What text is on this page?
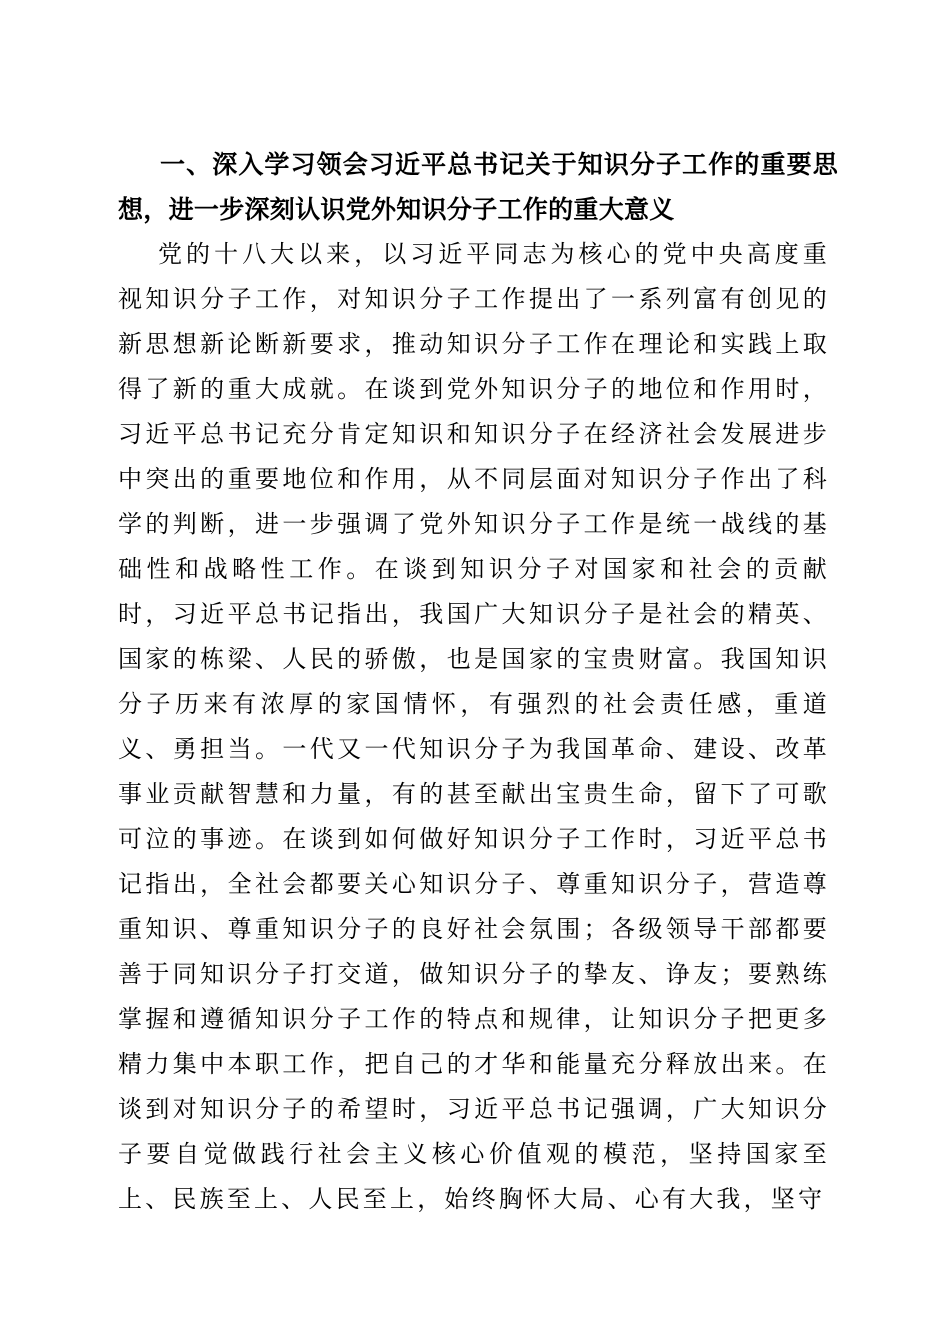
一、深入学习领会习近平总书记关于知识分子工作的重要思想，进一步深刻认识党外知识分子工作的重大意义

党的十八大以来，以习近平同志为核心的党中央高度重视知识分子工作，对知识分子工作提出了一系列富有创见的新思想新论断新要求，推动知识分子工作在理论和实践上取得了新的重大成就。在谈到党外知识分子的地位和作用时，习近平总书记充分肯定知识和知识分子在经济社会发展进步中突出的重要地位和作用，从不同层面对知识分子作出了科学的判断，进一步强调了党外知识分子工作是统一战线的基础性和战略性工作。在谈到知识分子对国家和社会的贡献时，习近平总书记指出，我国广大知识分子是社会的精英、国家的栋梁、人民的骄傲，也是国家的宝贵财富。我国知识分子历来有浓厚的家国情怀，有强烈的社会责任感，重道义、勇担当。一代又一代知识分子为我国革命、建设、改革事业贡献智慧和力量，有的甚至献出宝贵生命，留下了可歌可泣的事迹。在谈到如何做好知识分子工作时，习近平总书记指出，全社会都要关心知识分子、尊重知识分子，营造尊重知识、尊重知识分子的良好社会氛围；各级领导干部都要善于同知识分子打交道，做知识分子的挚友、诤友；要熟练掌握和遵循知识分子工作的特点和规律，让知识分子把更多精力集中本职工作，把自己的才华和能量充分释放出来。在谈到对知识分子的希望时，习近平总书记强调，广大知识分子要自觉做践行社会主义核心价值观的模范，坚持国家至上、民族至上、人民至上，始终胸怀大局、心有大我，坚守
